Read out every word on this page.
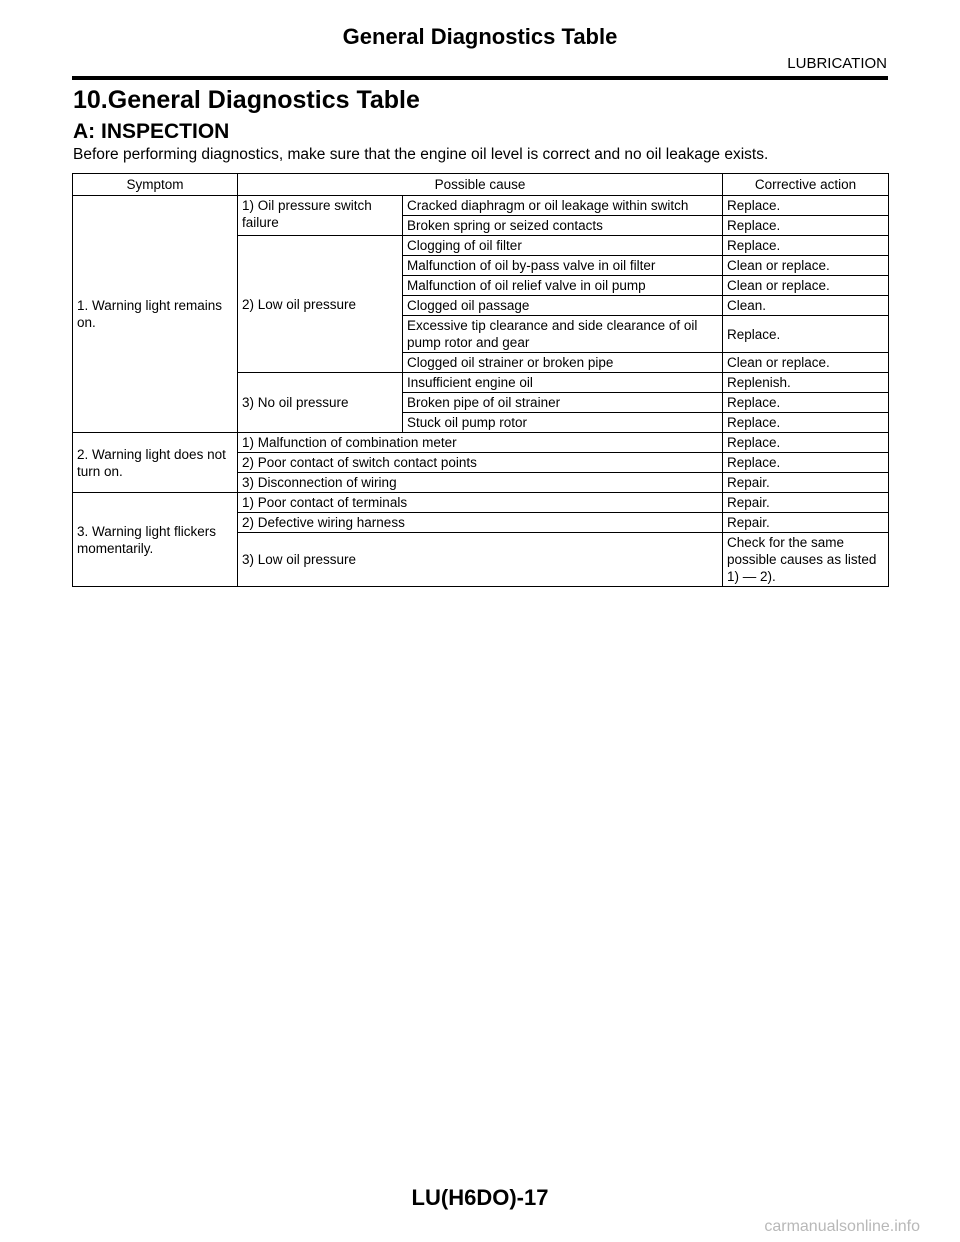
General Diagnostics Table
LUBRICATION
10.General Diagnostics Table
A: INSPECTION
Before performing diagnostics, make sure that the engine oil level is correct and no oil leakage exists.
Symptom	Possible cause		Corrective action
1. Warning light remains on.	1) Oil pressure switch failure	Cracked diaphragm or oil leakage within switch	Replace.
		Broken spring or seized contacts	Replace.
	2) Low oil pressure	Clogging of oil filter	Replace.
		Malfunction of oil by-pass valve in oil filter	Clean or replace.
		Malfunction of oil relief valve in oil pump	Clean or replace.
		Clogged oil passage	Clean.
		Excessive tip clearance and side clearance of oil pump rotor and gear	Replace.
		Clogged oil strainer or broken pipe	Clean or replace.
	3) No oil pressure	Insufficient engine oil	Replenish.
		Broken pipe of oil strainer	Replace.
		Stuck oil pump rotor	Replace.
2. Warning light does not turn on.	1) Malfunction of combination meter		Replace.
	2) Poor contact of switch contact points		Replace.
	3) Disconnection of wiring		Repair.
3. Warning light flickers momentarily.	1) Poor contact of terminals		Repair.
	2) Defective wiring harness		Repair.
	3) Low oil pressure		Check for the same possible causes as listed 1) — 2).
LU(H6DO)-17
carmanualsonline.info
